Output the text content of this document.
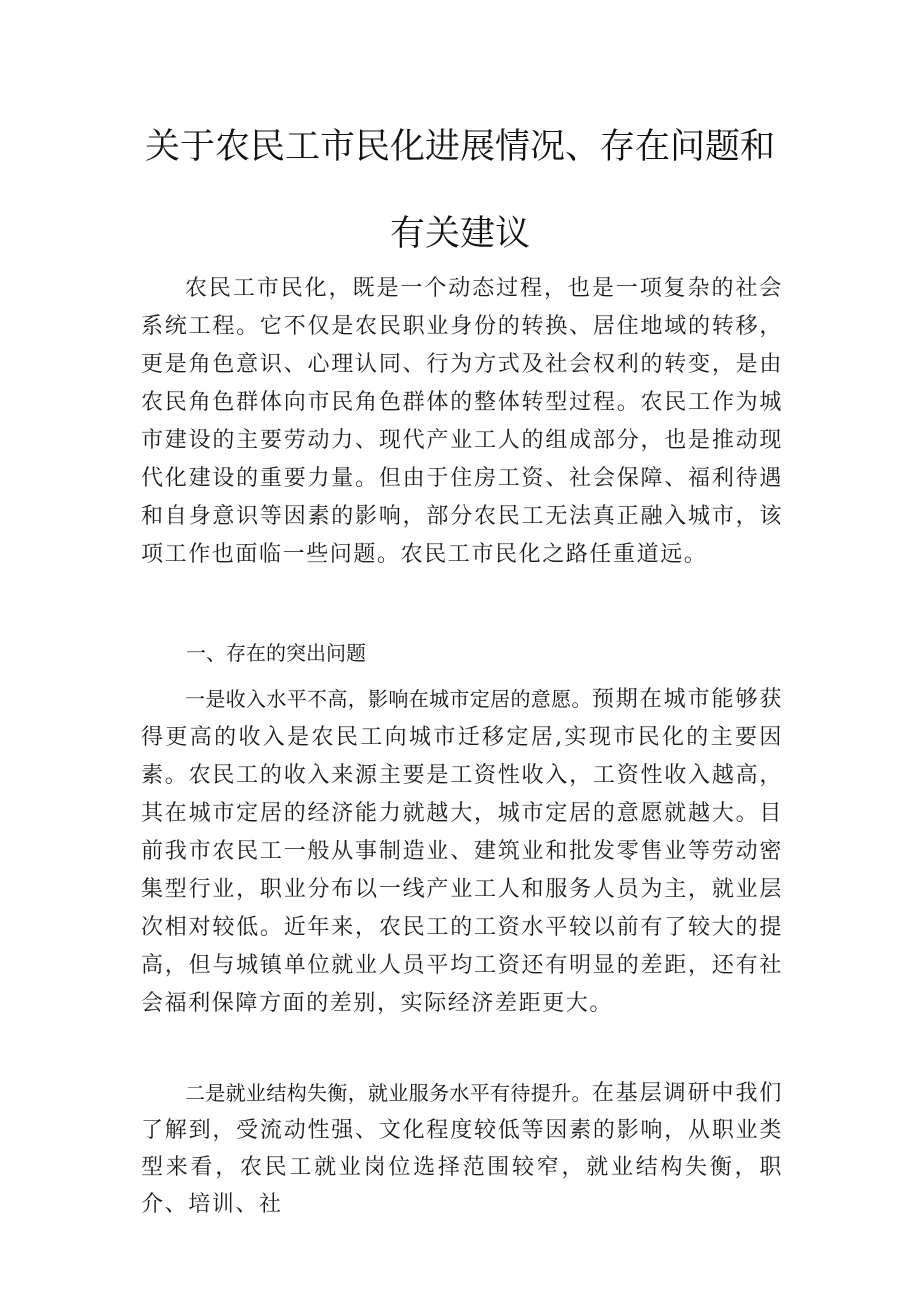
关于农民工市民化进展情况、存在问题和
有关建议

农民工市民化，既是一个动态过程，也是一项复杂的社会系统工程。它不仅是农民职业身份的转换、居住地域的转移，更是角色意识、心理认同、行为方式及社会权利的转变，是由农民角色群体向市民角色群体的整体转型过程。农民工作为城市建设的主要劳动力、现代产业工人的组成部分，也是推动现代化建设的重要力量。但由于住房工资、社会保障、福利待遇和自身意识等因素的影响，部分农民工无法真正融入城市，该项工作也面临一些问题。农民工市民化之路任重道远。

一、存在的突出问题

一是收入水平不高，影响在城市定居的意愿。预期在城市能够获得更高的收入是农民工向城市迁移定居,实现市民化的主要因素。农民工的收入来源主要是工资性收入，工资性收入越高，其在城市定居的经济能力就越大，城市定居的意愿就越大。目前我市农民工一般从事制造业、建筑业和批发零售业等劳动密集型行业，职业分布以一线产业工人和服务人员为主，就业层次相对较低。近年来，农民工的工资水平较以前有了较大的提高，但与城镇单位就业人员平均工资还有明显的差距，还有社会福利保障方面的差别，实际经济差距更大。

二是就业结构失衡，就业服务水平有待提升。在基层调研中我们了解到，受流动性强、文化程度较低等因素的影响，从职业类型来看，农民工就业岗位选择范围较窄，就业结构失衡，职介、培训、社
